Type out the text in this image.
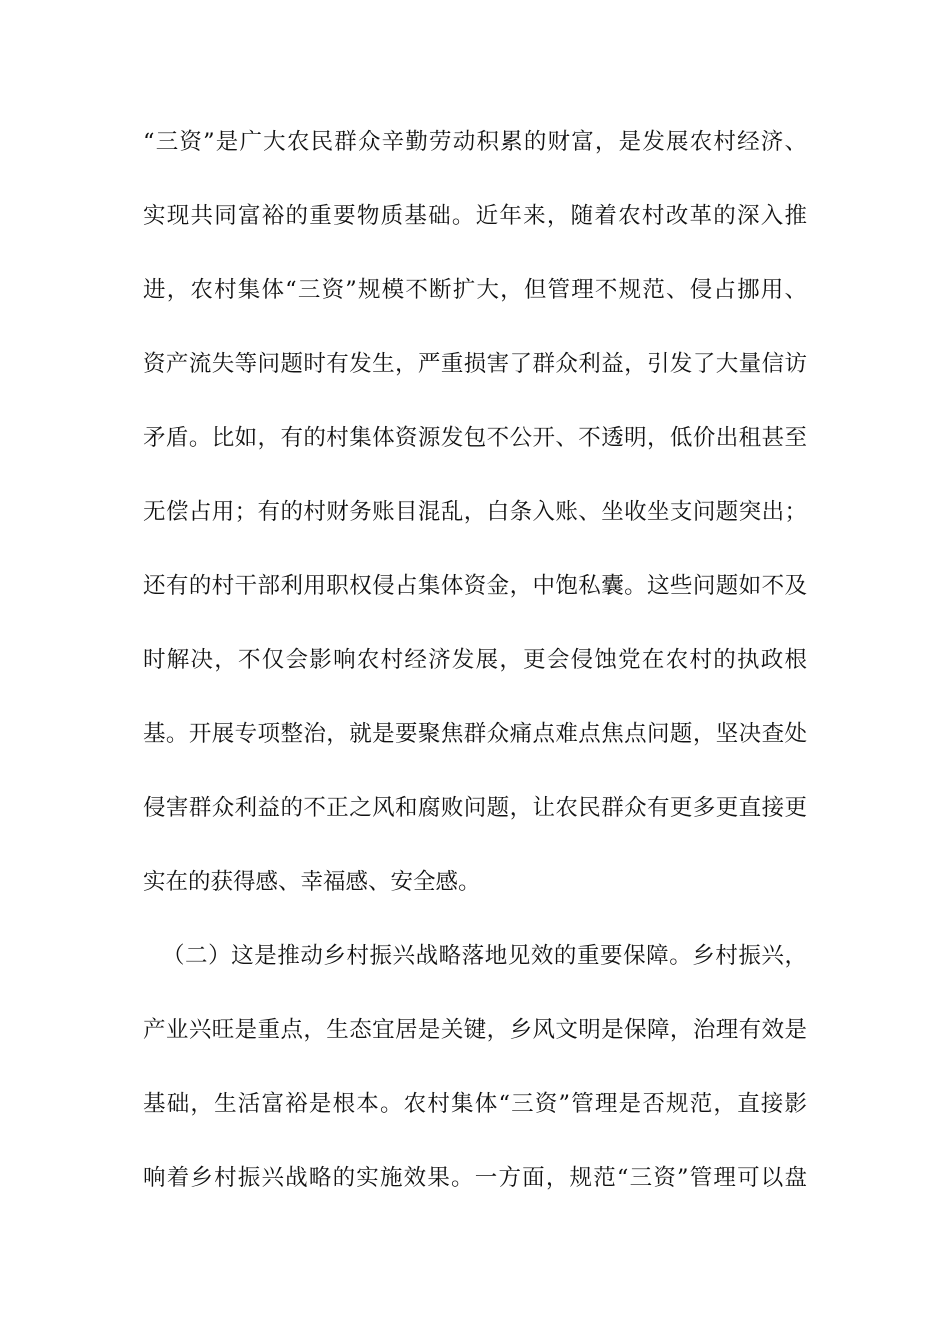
“三资”是广大农民群众辛勤劳动积累的财富，是发展农村经济、
实现共同富裕的重要物质基础。近年来，随着农村改革的深入推
进，农村集体“三资”规模不断扩大，但管理不规范、侵占挪用、
资产流失等问题时有发生，严重损害了群众利益，引发了大量信访
矛盾。比如，有的村集体资源发包不公开、不透明，低价出租甚至
无偿占用；有的村财务账目混乱，白条入账、坐收坐支问题突出；
还有的村干部利用职权侵占集体资金，中饱私囊。这些问题如不及
时解决，不仅会影响农村经济发展，更会侵蚀党在农村的执政根
基。开展专项整治，就是要聚焦群众痛点难点焦点问题，坚决查处
侵害群众利益的不正之风和腐败问题，让农民群众有更多更直接更
实在的获得感、幸福感、安全感。
（二）这是推动乡村振兴战略落地见效的重要保障。乡村振兴，
产业兴旺是重点，生态宜居是关键，乡风文明是保障，治理有效是
基础，生活富裕是根本。农村集体“三资”管理是否规范，直接影
响着乡村振兴战略的实施效果。一方面，规范“三资”管理可以盘
